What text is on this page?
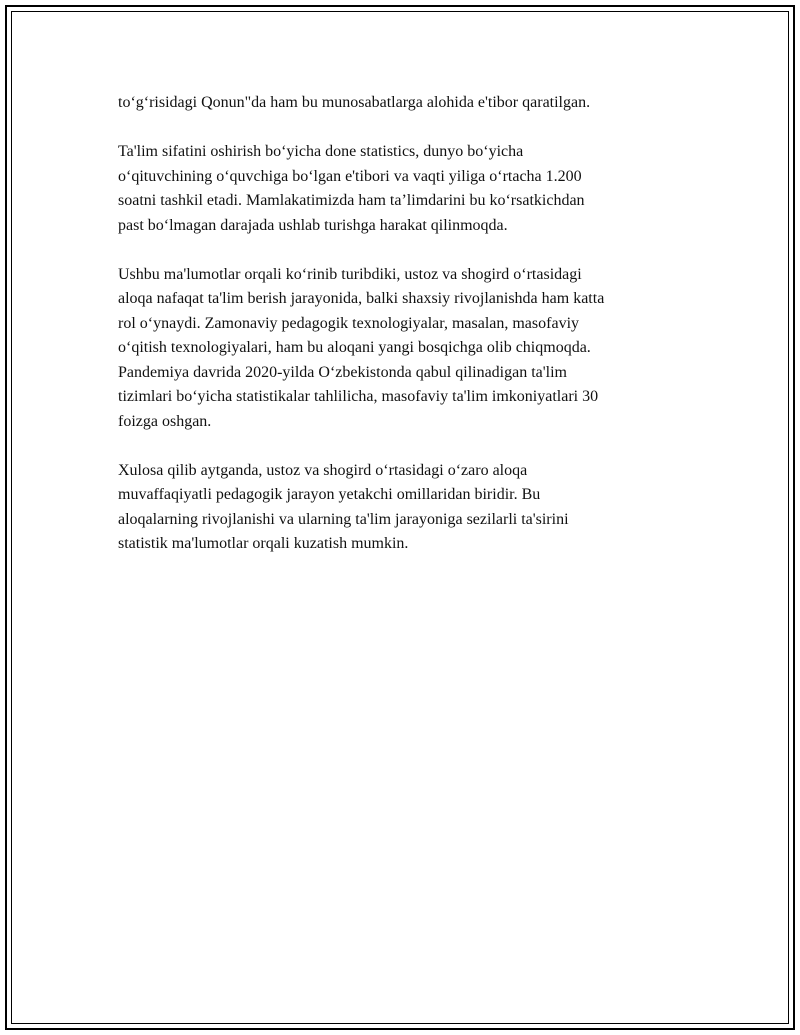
to‘g‘risidagi Qonun"da ham bu munosabatlarga alohida e'tibor qaratilgan.

Ta'lim sifatini oshirish bo‘yicha done statistics, dunyo bo‘yicha
o‘qituvchining o‘quvchiga bo‘lgan e'tibori va vaqti yiliga o‘rtacha 1.200
soatni tashkil etadi. Mamlakatimizda ham ta’limdarini bu ko‘rsatkichdan
past bo‘lmagan darajada ushlab turishga harakat qilinmoqda.

Ushbu ma'lumotlar orqali ko‘rinib turibdiki, ustoz va shogird o‘rtasidagi
aloqa nafaqat ta'lim berish jarayonida, balki shaxsiy rivojlanishda ham katta
rol o‘ynaydi. Zamonaviy pedagogik texnologiyalar, masalan, masofaviy
o‘qitish texnologiyalari, ham bu aloqani yangi bosqichga olib chiqmoqda.
Pandemiya davrida 2020-yilda O‘zbekistonda qabul qilinadigan ta'lim
tizimlari bo‘yicha statistikalar tahlilicha, masofaviy ta'lim imkoniyatlari 30
foizga oshgan.

Xulosa qilib aytganda, ustoz va shogird o‘rtasidagi o‘zaro aloqa
muvaffaqiyatli pedagogik jarayon yetakchi omillaridan biridir. Bu
aloqalarning rivojlanishi va ularning ta'lim jarayoniga sezilarli ta'sirini
statistik ma'lumotlar orqali kuzatish mumkin.
